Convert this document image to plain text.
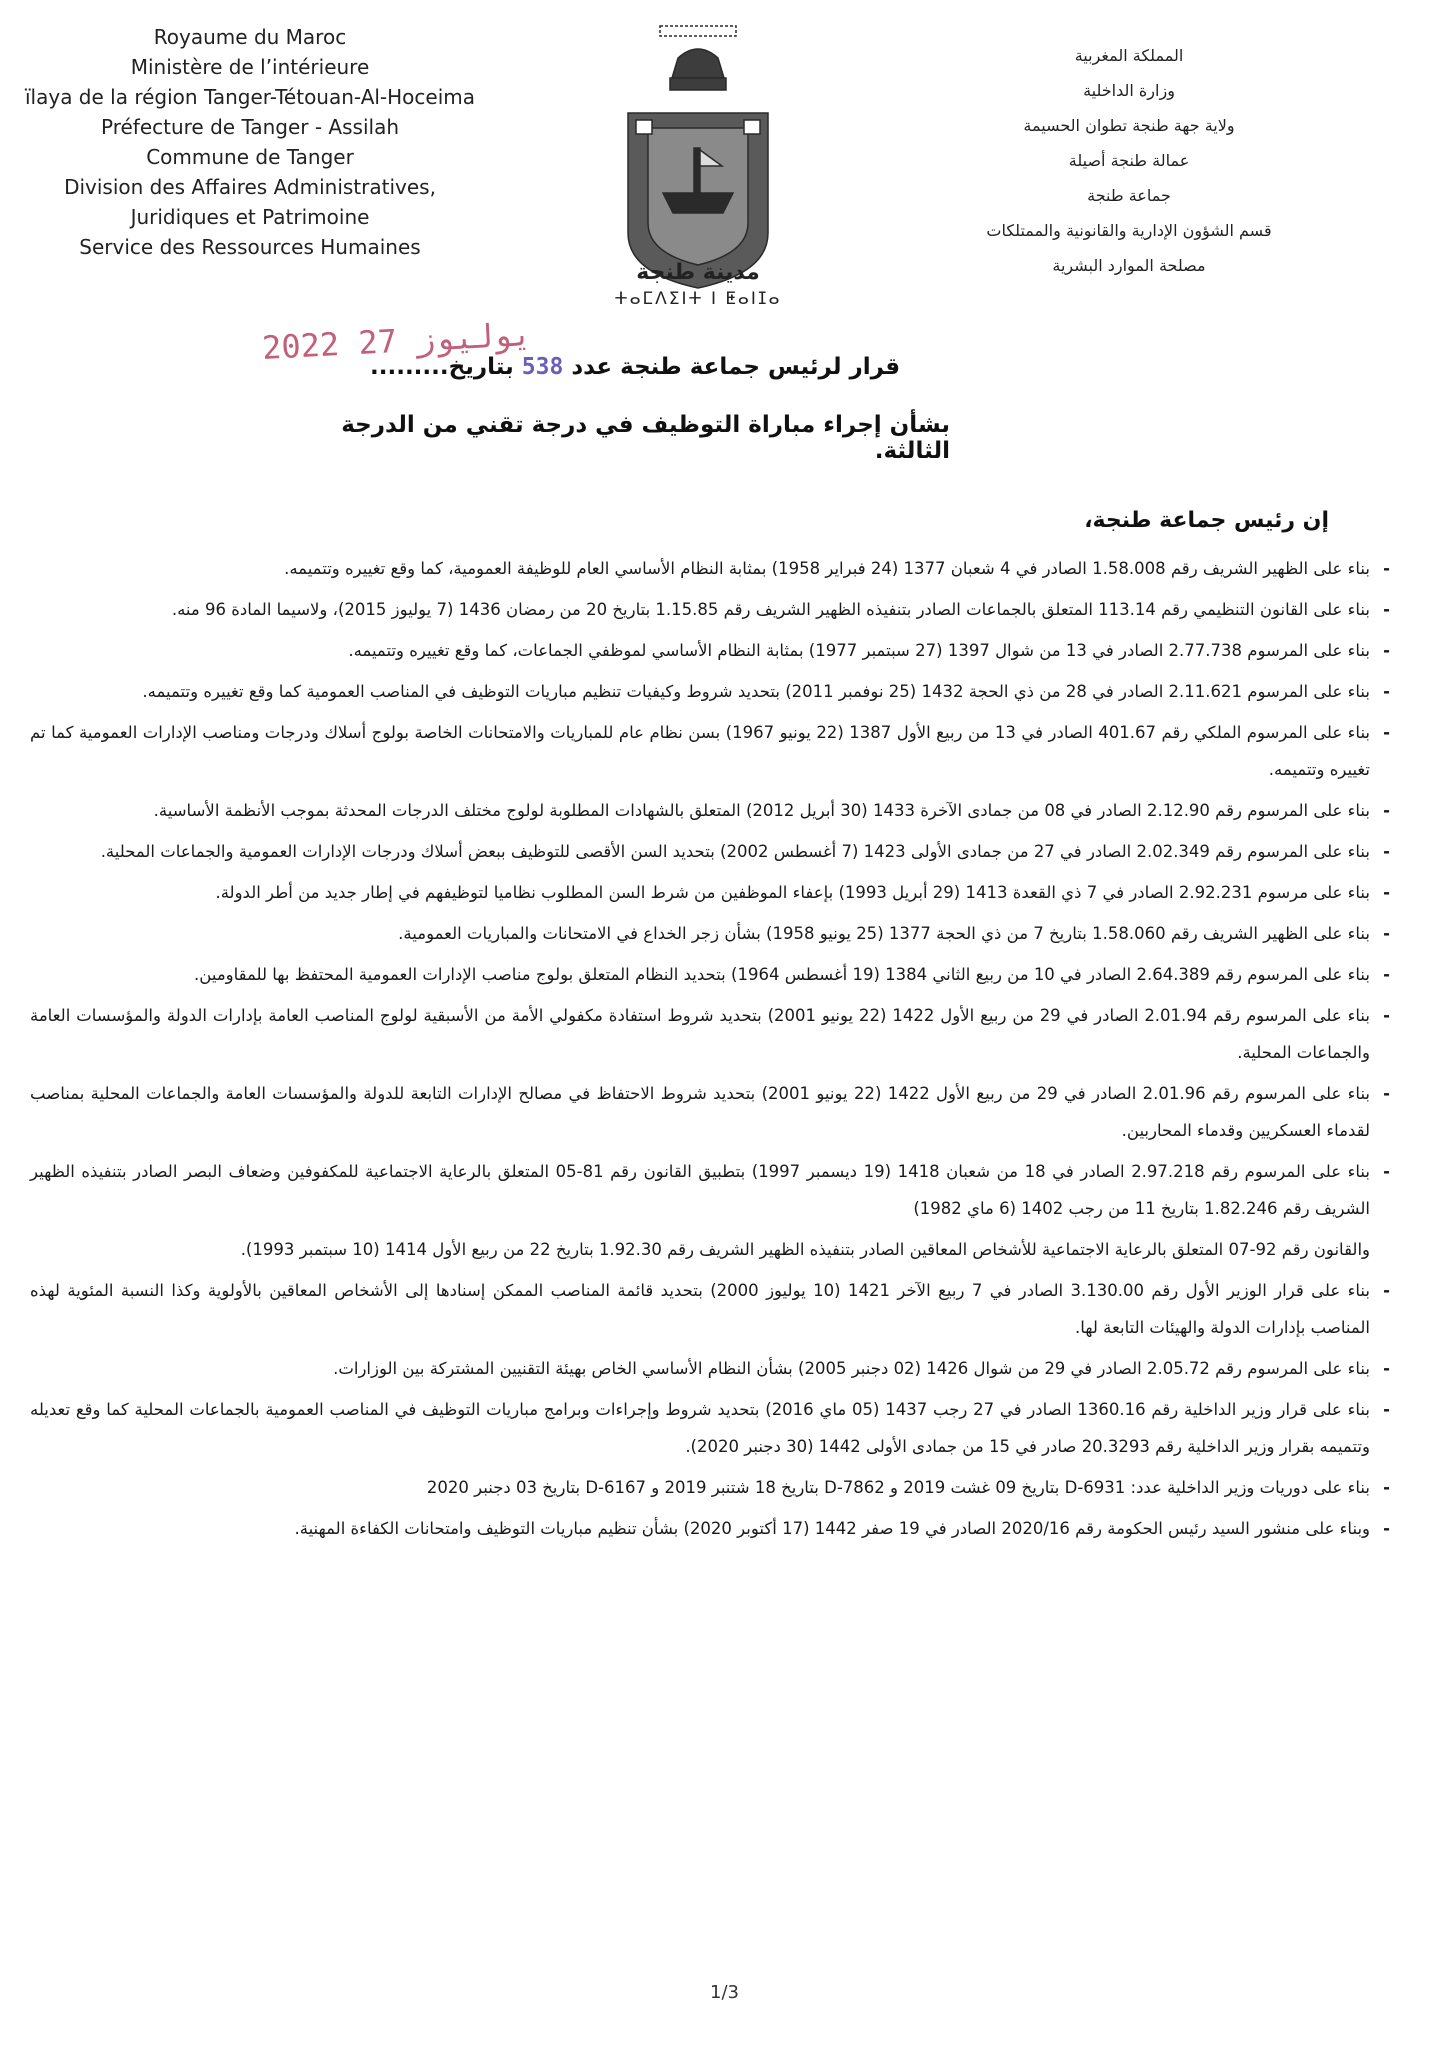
Royaume du Maroc
Ministère de l’intérieure
ïlaya de la région Tanger-Tétouan-Al-Hoceima
Préfecture de Tanger - Assilah
Commune de Tanger
Division des Affaires Administratives,
Juridiques et Patrimoine
Service des Ressources Humaines
مدينة طنجة
ⵜⴰⵎⴷⵉⵏⵜ ⵏ ⵟⴰⵏⵊⴰ
المملكة المغربية
وزارة الداخلية
ولاية جهة طنجة تطوان الحسيمة
عمالة طنجة أصيلة
جماعة طنجة
قسم الشؤون الإدارية والقانونية والممتلكات
مصلحة الموارد البشرية
2022 يوليوز 27
قرار لرئيس جماعة طنجة عدد 538 بتاريخ.........
بشأن إجراء مباراة التوظيف في درجة تقني من الدرجة الثالثة.
إن رئيس جماعة طنجة،
- بناء على الظهير الشريف رقم 1.58.008 الصادر في 4 شعبان 1377 (24 فبراير 1958) بمثابة النظام الأساسي العام للوظيفة العمومية، كما وقع تغييره وتتميمه.
- بناء على القانون التنظيمي رقم 113.14 المتعلق بالجماعات الصادر بتنفيذه الظهير الشريف رقم 1.15.85 بتاريخ 20 من رمضان 1436 (7 يوليوز 2015)، ولاسيما المادة 96 منه.
- بناء على المرسوم 2.77.738 الصادر في 13 من شوال 1397 (27 سبتمبر 1977) بمثابة النظام الأساسي لموظفي الجماعات، كما وقع تغييره وتتميمه.
- بناء على المرسوم 2.11.621 الصادر في 28 من ذي الحجة 1432 (25 نوفمبر 2011) بتحديد شروط وكيفيات تنظيم مباريات التوظيف في المناصب العمومية كما وقع تغييره وتتميمه.
- بناء على المرسوم الملكي رقم 401.67 الصادر في 13 من ربيع الأول 1387 (22 يونيو 1967) بسن نظام عام للمباريات والامتحانات الخاصة بولوج أسلاك ودرجات ومناصب الإدارات العمومية كما تم تغييره وتتميمه.
- بناء على المرسوم رقم 2.12.90 الصادر في 08 من جمادى الآخرة 1433 (30 أبريل 2012) المتعلق بالشهادات المطلوبة لولوج مختلف الدرجات المحدثة بموجب الأنظمة الأساسية.
- بناء على المرسوم رقم 2.02.349 الصادر في 27 من جمادى الأولى 1423 (7 أغسطس 2002) بتحديد السن الأقصى للتوظيف ببعض أسلاك ودرجات الإدارات العمومية والجماعات المحلية.
- بناء على مرسوم 2.92.231 الصادر في 7 ذي القعدة 1413 (29 أبريل 1993) بإعفاء الموظفين من شرط السن المطلوب نظاميا لتوظيفهم في إطار جديد من أطر الدولة.
- بناء على الظهير الشريف رقم 1.58.060 بتاريخ 7 من ذي الحجة 1377 (25 يونيو 1958) بشأن زجر الخداع في الامتحانات والمباريات العمومية.
- بناء على المرسوم رقم 2.64.389 الصادر في 10 من ربيع الثاني 1384 (19 أغسطس 1964) بتحديد النظام المتعلق بولوج مناصب الإدارات العمومية المحتفظ بها للمقاومين.
- بناء على المرسوم رقم 2.01.94 الصادر في 29 من ربيع الأول 1422 (22 يونيو 2001) بتحديد شروط استفادة مكفولي الأمة من الأسبقية لولوج المناصب العامة بإدارات الدولة والمؤسسات العامة والجماعات المحلية.
- بناء على المرسوم رقم 2.01.96 الصادر في 29 من ربيع الأول 1422 (22 يونيو 2001) بتحديد شروط الاحتفاظ في مصالح الإدارات التابعة للدولة والمؤسسات العامة والجماعات المحلية بمناصب لقدماء العسكريين وقدماء المحاربين.
- بناء على المرسوم رقم 2.97.218 الصادر في 18 من شعبان 1418 (19 ديسمبر 1997) بتطبيق القانون رقم 81-05 المتعلق بالرعاية الاجتماعية للمكفوفين وضعاف البصر الصادر بتنفيذه الظهير الشريف رقم 1.82.246 بتاريخ 11 من رجب 1402 (6 ماي 1982)
والقانون رقم 92-07 المتعلق بالرعاية الاجتماعية للأشخاص المعاقين الصادر بتنفيذه الظهير الشريف رقم 1.92.30 بتاريخ 22 من ربيع الأول 1414 (10 سبتمبر 1993).
- بناء على قرار الوزير الأول رقم 3.130.00 الصادر في 7 ربيع الآخر 1421 (10 يوليوز 2000) بتحديد قائمة المناصب الممكن إسنادها إلى الأشخاص المعاقين بالأولوية وكذا النسبة المئوية لهذه المناصب بإدارات الدولة والهيئات التابعة لها.
- بناء على المرسوم رقم 2.05.72 الصادر في 29 من شوال 1426 (02 دجنبر 2005) بشأن النظام الأساسي الخاص بهيئة التقنيين المشتركة بين الوزارات.
- بناء على قرار وزير الداخلية رقم 1360.16 الصادر في 27 رجب 1437 (05 ماي 2016) بتحديد شروط وإجراءات وبرامج مباريات التوظيف في المناصب العمومية بالجماعات المحلية كما وقع تعديله وتتميمه بقرار وزير الداخلية رقم 20.3293 صادر في 15 من جمادى الأولى 1442 (30 دجنبر 2020).
- بناء على دوريات وزير الداخلية عدد: D-6931 بتاريخ 09 غشت 2019 و D-7862 بتاريخ 18 شتنبر 2019 و D-6167 بتاريخ 03 دجنبر 2020
- وبناء على منشور السيد رئيس الحكومة رقم 2020/16 الصادر في 19 صفر 1442 (17 أكتوبر 2020) بشأن تنظيم مباريات التوظيف وامتحانات الكفاءة المهنية.
1/3
